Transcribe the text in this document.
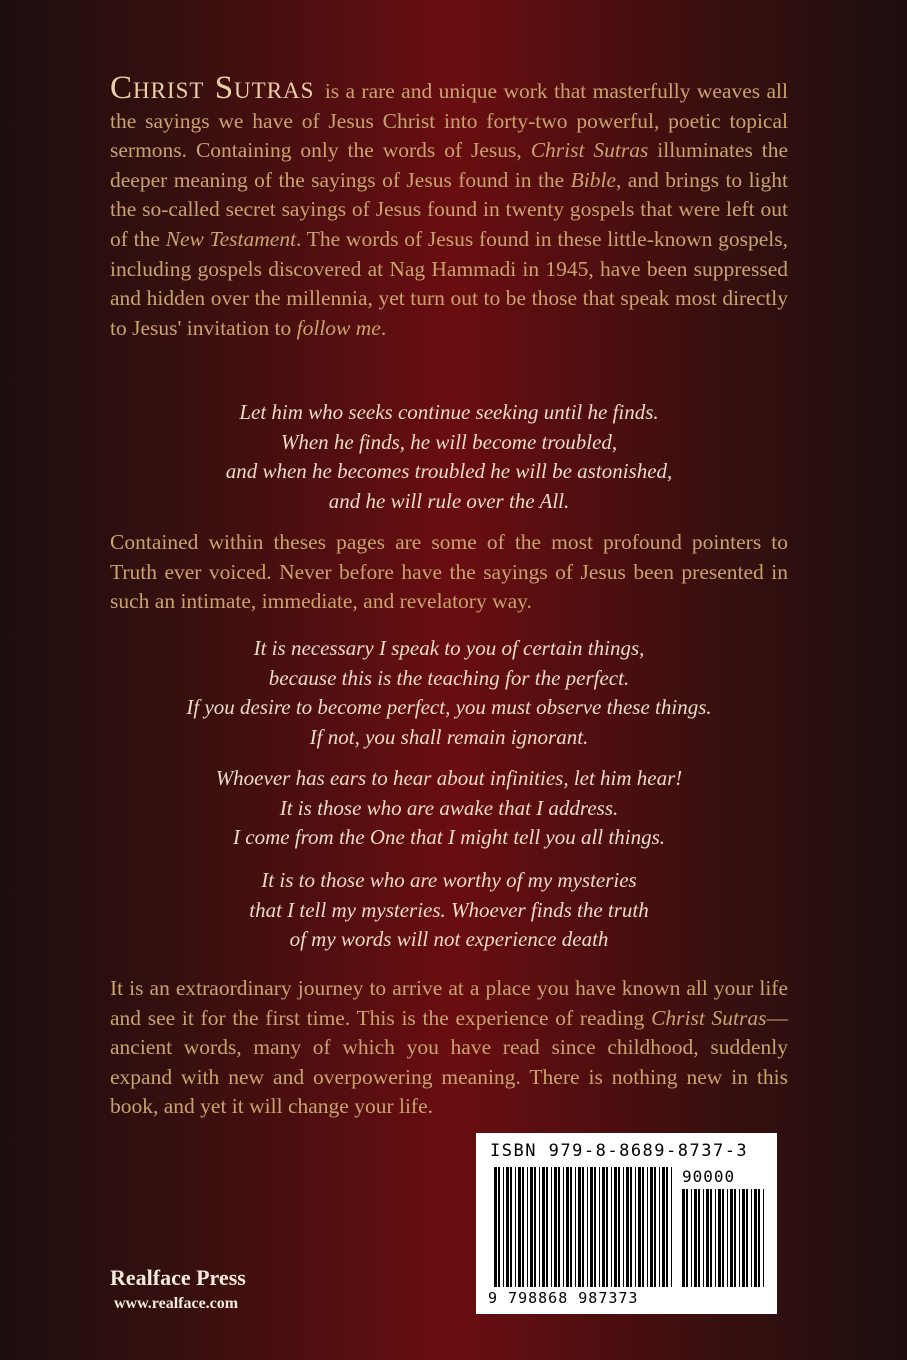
Christ Sutras is a rare and unique work that masterfully weaves all the sayings we have of Jesus Christ into forty-two powerful, poetic topical sermons. Containing only the words of Jesus, Christ Sutras illuminates the deeper meaning of the sayings of Jesus found in the Bible, and brings to light the so-called secret sayings of Jesus found in twenty gospels that were left out of the New Testament. The words of Jesus found in these little-known gospels, including gospels discovered at Nag Hammadi in 1945, have been suppressed and hidden over the millennia, yet turn out to be those that speak most directly to Jesus' invitation to follow me.

Let him who seeks continue seeking until he finds.
When he finds, he will become troubled,
and when he becomes troubled he will be astonished,
and he will rule over the All.

Contained within theses pages are some of the most profound pointers to Truth ever voiced. Never before have the sayings of Jesus been presented in such an intimate, immediate, and revelatory way.

It is necessary I speak to you of certain things,
because this is the teaching for the perfect.
If you desire to become perfect, you must observe these things.
If not, you shall remain ignorant.

Whoever has ears to hear about infinities, let him hear!
It is those who are awake that I address.
I come from the One that I might tell you all things.

It is to those who are worthy of my mysteries
that I tell my mysteries. Whoever finds the truth
of my words will not experience death

It is an extraordinary journey to arrive at a place you have known all your life and see it for the first time. This is the experience of reading Christ Sutras—ancient words, many of which you have read since childhood, suddenly expand with new and overpowering meaning. There is nothing new in this book, and yet it will change your life.

Realface Press
www.realface.com
ISBN 979-8-8689-8737-3
90000
9 798868 987373
